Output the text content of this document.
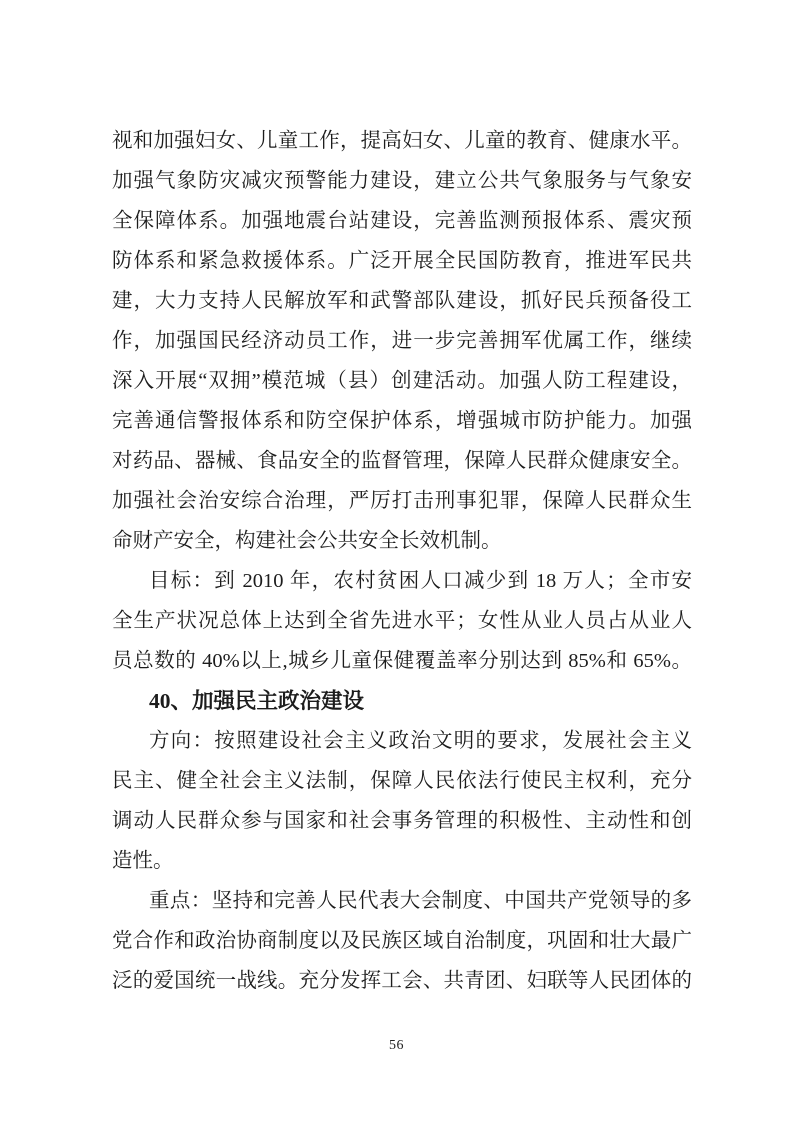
视和加强妇女、儿童工作，提高妇女、儿童的教育、健康水平。
加强气象防灾减灾预警能力建设，建立公共气象服务与气象安
全保障体系。加强地震台站建设，完善监测预报体系、震灾预
防体系和紧急救援体系。广泛开展全民国防教育，推进军民共
建，大力支持人民解放军和武警部队建设，抓好民兵预备役工
作，加强国民经济动员工作，进一步完善拥军优属工作，继续
深入开展“双拥”模范城（县）创建活动。加强人防工程建设，
完善通信警报体系和防空保护体系，增强城市防护能力。加强
对药品、器械、食品安全的监督管理，保障人民群众健康安全。
加强社会治安综合治理，严厉打击刑事犯罪，保障人民群众生
命财产安全，构建社会公共安全长效机制。
目标：到 2010 年，农村贫困人口减少到 18 万人；全市安
全生产状况总体上达到全省先进水平；女性从业人员占从业人
员总数的 40%以上,城乡儿童保健覆盖率分别达到 85%和 65%。
40、加强民主政治建设
方向：按照建设社会主义政治文明的要求，发展社会主义
民主、健全社会主义法制，保障人民依法行使民主权利，充分
调动人民群众参与国家和社会事务管理的积极性、主动性和创
造性。
重点：坚持和完善人民代表大会制度、中国共产党领导的多
党合作和政治协商制度以及民族区域自治制度，巩固和壮大最广
泛的爱国统一战线。充分发挥工会、共青团、妇联等人民团体的
56
